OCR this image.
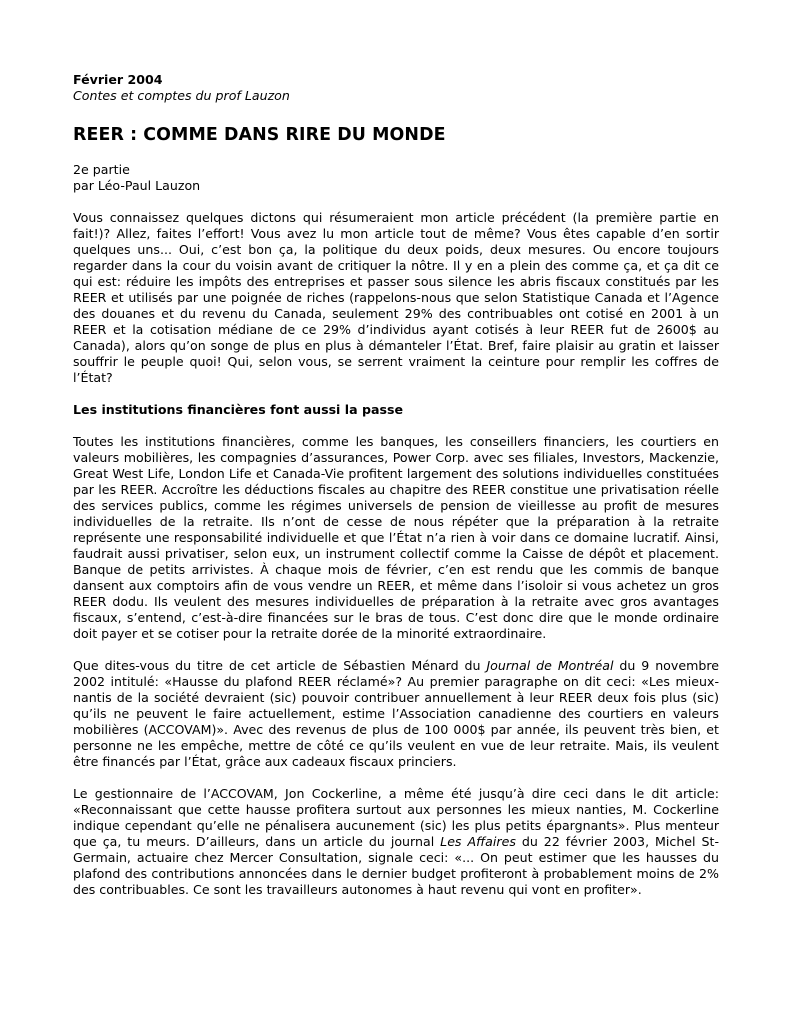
Février 2004

Contes et comptes du prof Lauzon

REER : COMME DANS RIRE DU MONDE

2e partie
par Léo-Paul Lauzon

Vous connaissez quelques dictons qui résumeraient mon article précédent (la première partie en fait!)? Allez, faites l’effort! Vous avez lu mon article tout de même? Vous êtes capable d’en sortir quelques uns... Oui, c’est bon ça, la politique du deux poids, deux mesures. Ou encore toujours regarder dans la cour du voisin avant de critiquer la nôtre. Il y en a plein des comme ça, et ça dit ce qui est: réduire les impôts des entreprises et passer sous silence les abris fiscaux constitués par les REER et utilisés par une poignée de riches (rappelons-nous que selon Statistique Canada et l’Agence des douanes et du revenu du Canada, seulement 29% des contribuables ont cotisé en 2001 à un REER et la cotisation médiane de ce 29% d’individus ayant cotisés à leur REER fut de 2600$ au Canada), alors qu’on songe de plus en plus à démanteler l’État. Bref, faire plaisir au gratin et laisser souffrir le peuple quoi! Qui, selon vous, se serrent vraiment la ceinture pour remplir les coffres de l’État?

Les institutions financières font aussi la passe

Toutes les institutions financières, comme les banques, les conseillers financiers, les courtiers en valeurs mobilières, les compagnies d’assurances, Power Corp. avec ses filiales, Investors, Mackenzie, Great West Life, London Life et Canada-Vie profitent largement des solutions individuelles constituées par les REER. Accroître les déductions fiscales au chapitre des REER constitue une privatisation réelle des services publics, comme les régimes universels de pension de vieillesse au profit de mesures individuelles de la retraite. Ils n’ont de cesse de nous répéter que la préparation à la retraite représente une responsabilité individuelle et que l’État n’a rien à voir dans ce domaine lucratif. Ainsi, faudrait aussi privatiser, selon eux, un instrument collectif comme la Caisse de dépôt et placement. Banque de petits arrivistes. À chaque mois de février, c’en est rendu que les commis de banque dansent aux comptoirs afin de vous vendre un REER, et même dans l’isoloir si vous achetez un gros REER dodu. Ils veulent des mesures individuelles de préparation à la retraite avec gros avantages fiscaux, s’entend, c’est-à-dire financées sur le bras de tous. C’est donc dire que le monde ordinaire doit payer et se cotiser pour la retraite dorée de la minorité extraordinaire.

Que dites-vous du titre de cet article de Sébastien Ménard du Journal de Montréal du 9 novembre 2002 intitulé: «Hausse du plafond REER réclamé»? Au premier paragraphe on dit ceci: «Les mieux-nantis de la société devraient (sic) pouvoir contribuer annuellement à leur REER deux fois plus (sic) qu’ils ne peuvent le faire actuellement, estime l’Association canadienne des courtiers en valeurs mobilières (ACCOVAM)». Avec des revenus de plus de 100 000$ par année, ils peuvent très bien, et personne ne les empêche, mettre de côté ce qu’ils veulent en vue de leur retraite. Mais, ils veulent être financés par l’État, grâce aux cadeaux fiscaux princiers.

Le gestionnaire de l’ACCOVAM, Jon Cockerline, a même été jusqu’à dire ceci dans le dit article: «Reconnaissant que cette hausse profitera surtout aux personnes les mieux nanties, M. Cockerline indique cependant qu’elle ne pénalisera aucunement (sic) les plus petits épargnants». Plus menteur que ça, tu meurs. D’ailleurs, dans un article du journal Les Affaires du 22 février 2003, Michel St-Germain, actuaire chez Mercer Consultation, signale ceci: «... On peut estimer que les hausses du plafond des contributions annoncées dans le dernier budget profiteront à probablement moins de 2% des contribuables. Ce sont les travailleurs autonomes à haut revenu qui vont en profiter».
